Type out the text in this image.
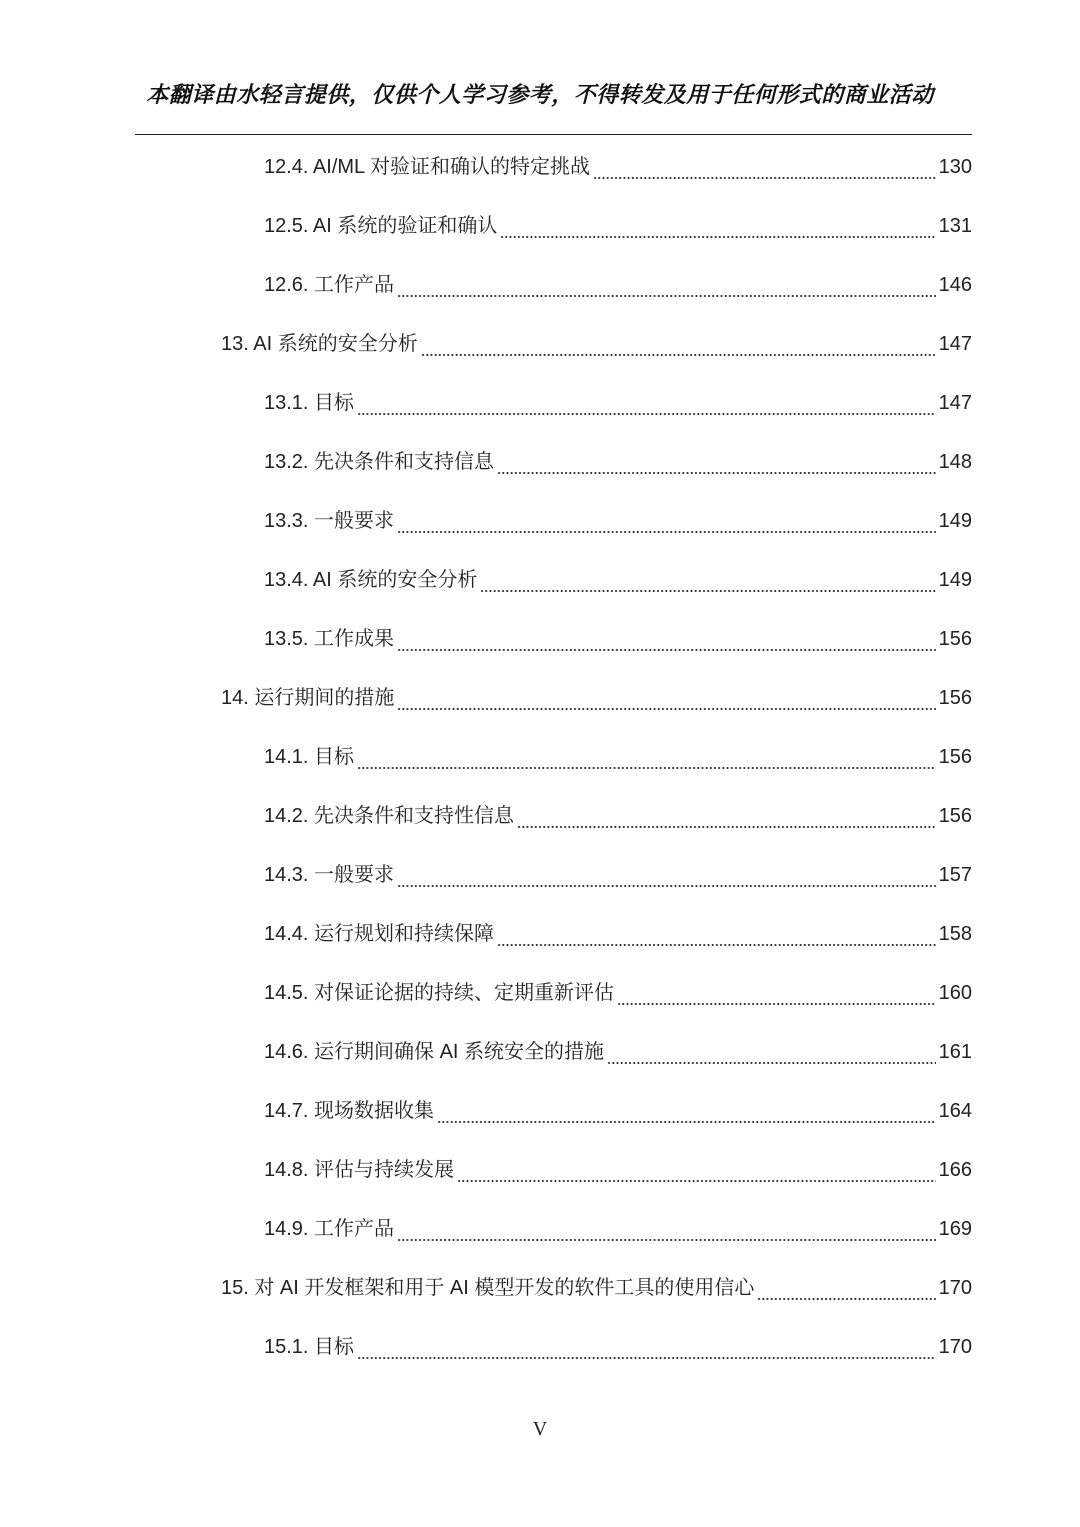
本翻译由水轻言提供，仅供个人学习参考，不得转发及用于任何形式的商业活动
12.4. AI/ML 对验证和确认的特定挑战	130
12.5. AI 系统的验证和确认	131
12.6. 工作产品	146
13. AI 系统的安全分析	147
13.1. 目标	147
13.2. 先决条件和支持信息	148
13.3. 一般要求	149
13.4. AI 系统的安全分析	149
13.5. 工作成果	156
14. 运行期间的措施	156
14.1. 目标	156
14.2. 先决条件和支持性信息	156
14.3. 一般要求	157
14.4. 运行规划和持续保障	158
14.5. 对保证论据的持续、定期重新评估	160
14.6. 运行期间确保 AI 系统安全的措施	161
14.7. 现场数据收集	164
14.8. 评估与持续发展	166
14.9. 工作产品	169
15. 对 AI 开发框架和用于 AI 模型开发的软件工具的使用信心	170
15.1. 目标	170
V
